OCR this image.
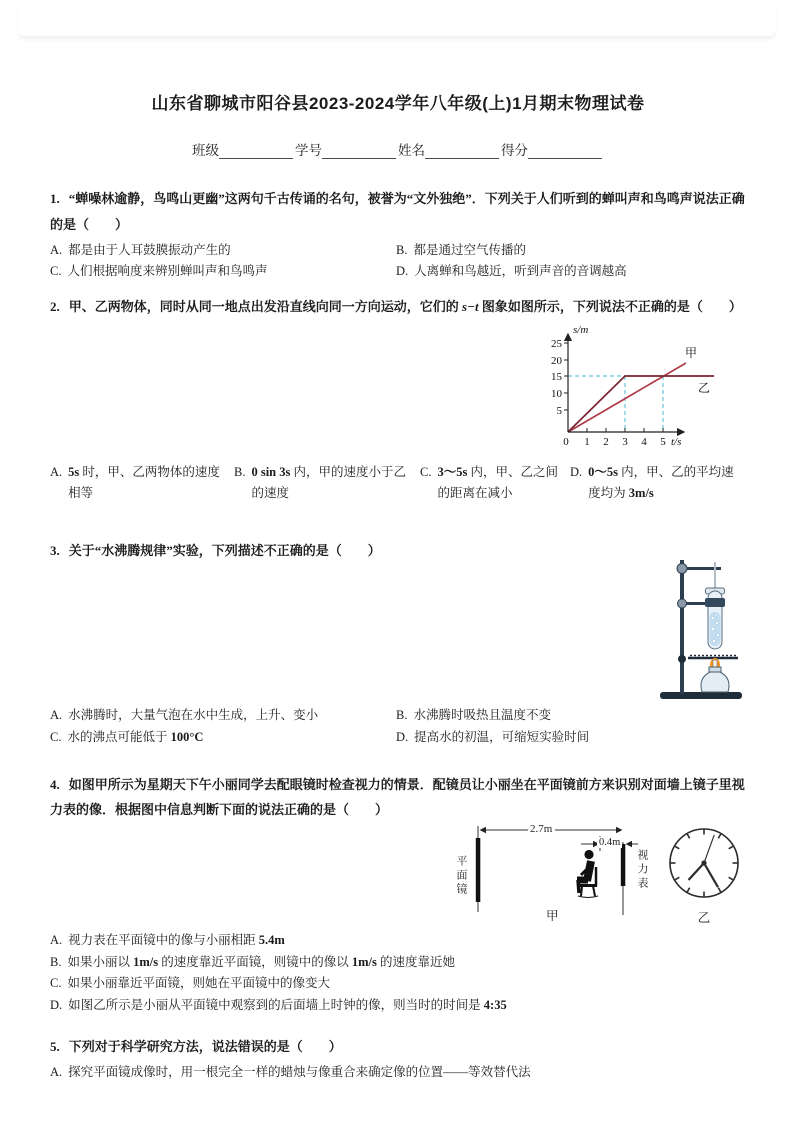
山东省聊城市阳谷县2023-2024学年八年级(上)1月期末物理试卷
班级	学号	姓名	得分

1. “蝉噪林逾静，鸟鸣山更幽”这两句千古传诵的名句，被誉为“文外独绝”．下列关于人们听到的蝉叫声和鸟鸣声说法正确的是（　　）

A. 都是由于人耳鼓膜振动产生的	B. 都是通过空气传播的
C. 人们根据响度来辨别蝉叫声和鸟鸣声	D. 人离蝉和鸟越近，听到声音的音调越高

2. 甲、乙两物体，同时从同一地点出发沿直线向同一方向运动，它们的 s−t 图象如图所示，下列说法不正确的是（　　）

25
20
15
10
5
0 1 2 3 4 5
s/m
t/s
甲
乙
A. 5s 时，甲、乙两物体的速度相等
B. 0 sin 3s 内，甲的速度小于乙的速度
C. 3～5s 内，甲、乙之间的距离在减小
D. 0～5s 内，甲、乙的平均速度均为 3m/s

3. 关于“水沸腾规律”实验，下列描述不正确的是（　　）

A. 水沸腾时，大量气泡在水中生成，上升、变小	B. 水沸腾时吸热且温度不变
C. 水的沸点可能低于 100°C	D. 提高水的初温，可缩短实验时间

4. 如图甲所示为星期天下午小丽同学去配眼镜时检查视力的情景．配镜员让小丽坐在平面镜前方来识别对面墙上镜子里视力表的像．根据图中信息判断下面的说法正确的是（　　）

2.7m
0.4m
平面镜	视力表
甲	乙
A. 视力表在平面镜中的像与小丽相距 5.4m
B. 如果小丽以 1m/s 的速度靠近平面镜，则镜中的像以 1m/s 的速度靠近她
C. 如果小丽靠近平面镜，则她在平面镜中的像变大
D. 如图乙所示是小丽从平面镜中观察到的后面墙上时钟的像，则当时的时间是 4:35

5. 下列对于科学研究方法，说法错误的是（　　）

A. 探究平面镜成像时，用一根完全一样的蜡烛与像重合来确定像的位置——等效替代法
